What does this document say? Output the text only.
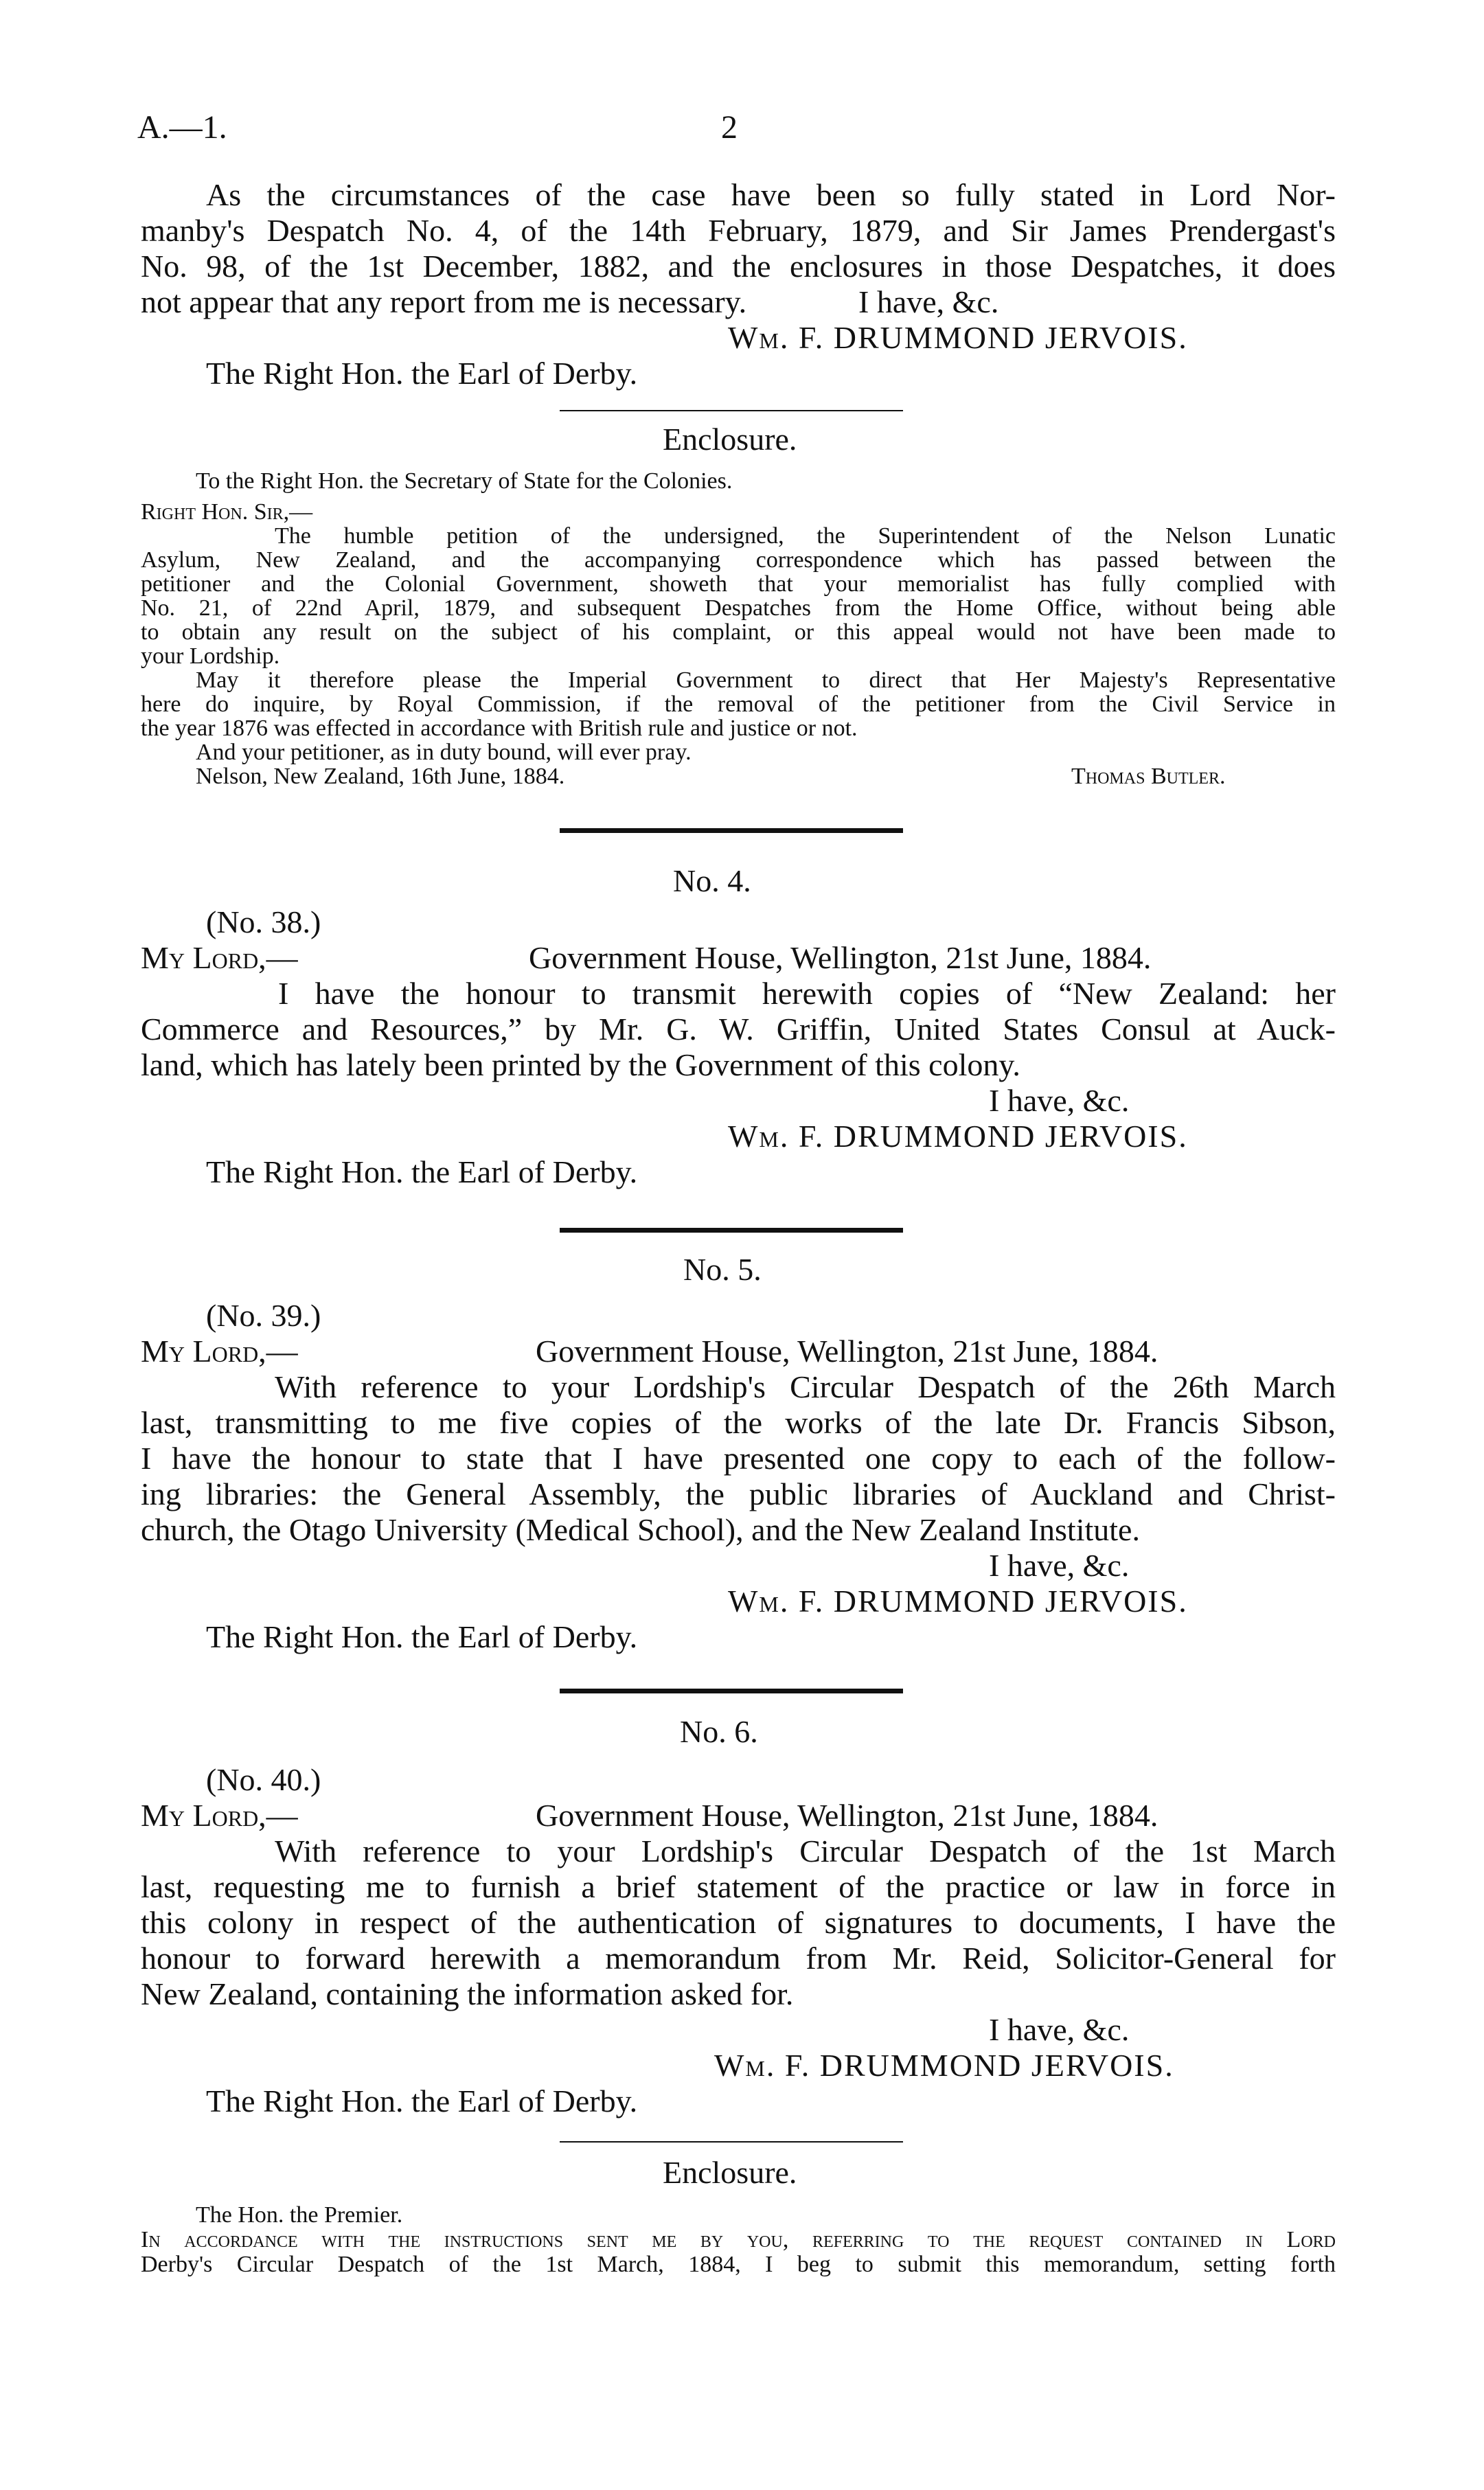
A.—1.	2
As the circumstances of the case have been so fully stated in Lord Nor-
manby's Despatch No. 4, of the 14th February, 1879, and Sir James Prendergast's
No. 98, of the 1st December, 1882, and the enclosures in those Despatches, it does
not appear that any report from me is necessary.	I have, &c.
Wm. F. DRUMMOND JERVOIS.
The Right Hon. the Earl of Derby.
Enclosure.
To the Right Hon. the Secretary of State for the Colonies.
Right Hon. Sir,—
The humble petition of the undersigned, the Superintendent of the Nelson Lunatic
Asylum, New Zealand, and the accompanying correspondence which has passed between the
petitioner and the Colonial Government, showeth that your memorialist has fully complied with
No. 21, of 22nd April, 1879, and subsequent Despatches from the Home Office, without being able
to obtain any result on the subject of his complaint, or this appeal would not have been made to
your Lordship.
May it therefore please the Imperial Government to direct that Her Majesty's Representative
here do inquire, by Royal Commission, if the removal of the petitioner from the Civil Service in
the year 1876 was effected in accordance with British rule and justice or not.
And your petitioner, as in duty bound, will ever pray.
Nelson, New Zealand, 16th June, 1884.	Thomas Butler.
No. 4.
(No. 38.)
My Lord,—	Government House, Wellington, 21st June, 1884.
I have the honour to transmit herewith copies of “New Zealand: her
Commerce and Resources,” by Mr. G. W. Griffin, United States Consul at Auck-
land, which has lately been printed by the Government of this colony.
I have, &c.
Wm. F. DRUMMOND JERVOIS.
The Right Hon. the Earl of Derby.
No. 5.
(No. 39.)
My Lord,—	Government House, Wellington, 21st June, 1884.
With reference to your Lordship's Circular Despatch of the 26th March
last, transmitting to me five copies of the works of the late Dr. Francis Sibson,
I have the honour to state that I have presented one copy to each of the follow-
ing libraries: the General Assembly, the public libraries of Auckland and Christ-
church, the Otago University (Medical School), and the New Zealand Institute.
I have, &c.
Wm. F. DRUMMOND JERVOIS.
The Right Hon. the Earl of Derby.
No. 6.
(No. 40.)
My Lord,—	Government House, Wellington, 21st June, 1884.
With reference to your Lordship's Circular Despatch of the 1st March
last, requesting me to furnish a brief statement of the practice or law in force in
this colony in respect of the authentication of signatures to documents, I have the
honour to forward herewith a memorandum from Mr. Reid, Solicitor-General for
New Zealand, containing the information asked for.
I have, &c.
Wm. F. DRUMMOND JERVOIS.
The Right Hon. the Earl of Derby.
Enclosure.
The Hon. the Premier.
In accordance with the instructions sent me by you, referring to the request contained in Lord
Derby's Circular Despatch of the 1st March, 1884, I beg to submit this memorandum, setting forth
